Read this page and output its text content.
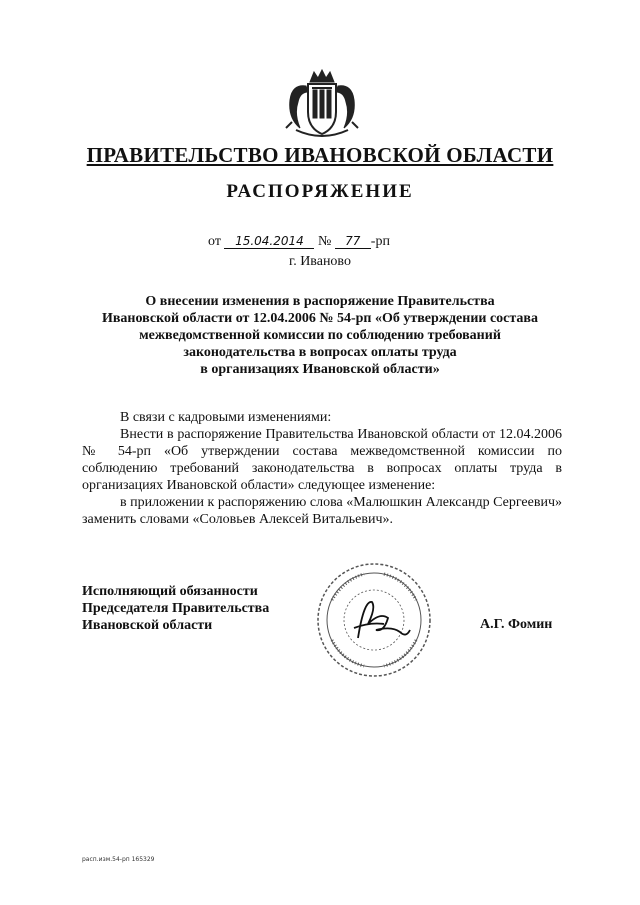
ПРАВИТЕЛЬСТВО ИВАНОВСКОЙ ОБЛАСТИ
РАСПОРЯЖЕНИЕ
от 15.04.2014 № 77 -рп
г. Иваново
О внесении изменения в распоряжение Правительства
Ивановской области от 12.04.2006 № 54-рп «Об утверждении состава
межведомственной комиссии по соблюдению требований
законодательства в вопросах оплаты труда
в организациях Ивановской области»

В связи с кадровыми изменениями:

Внести в распоряжение Правительства Ивановской области от 12.04.2006 № 54-рп «Об утверждении состава межведомственной комиссии по соблюдению требований законодательства в вопросах оплаты труда в организациях Ивановской области» следующее изменение:

в приложении к распоряжению слова «Малюшкин Александр Сергеевич» заменить словами «Соловьев Алексей Витальевич».

Исполняющий обязанности
Председателя Правительства
Ивановской области	А.Г. Фомин
расп.изм.54-рп 165329
